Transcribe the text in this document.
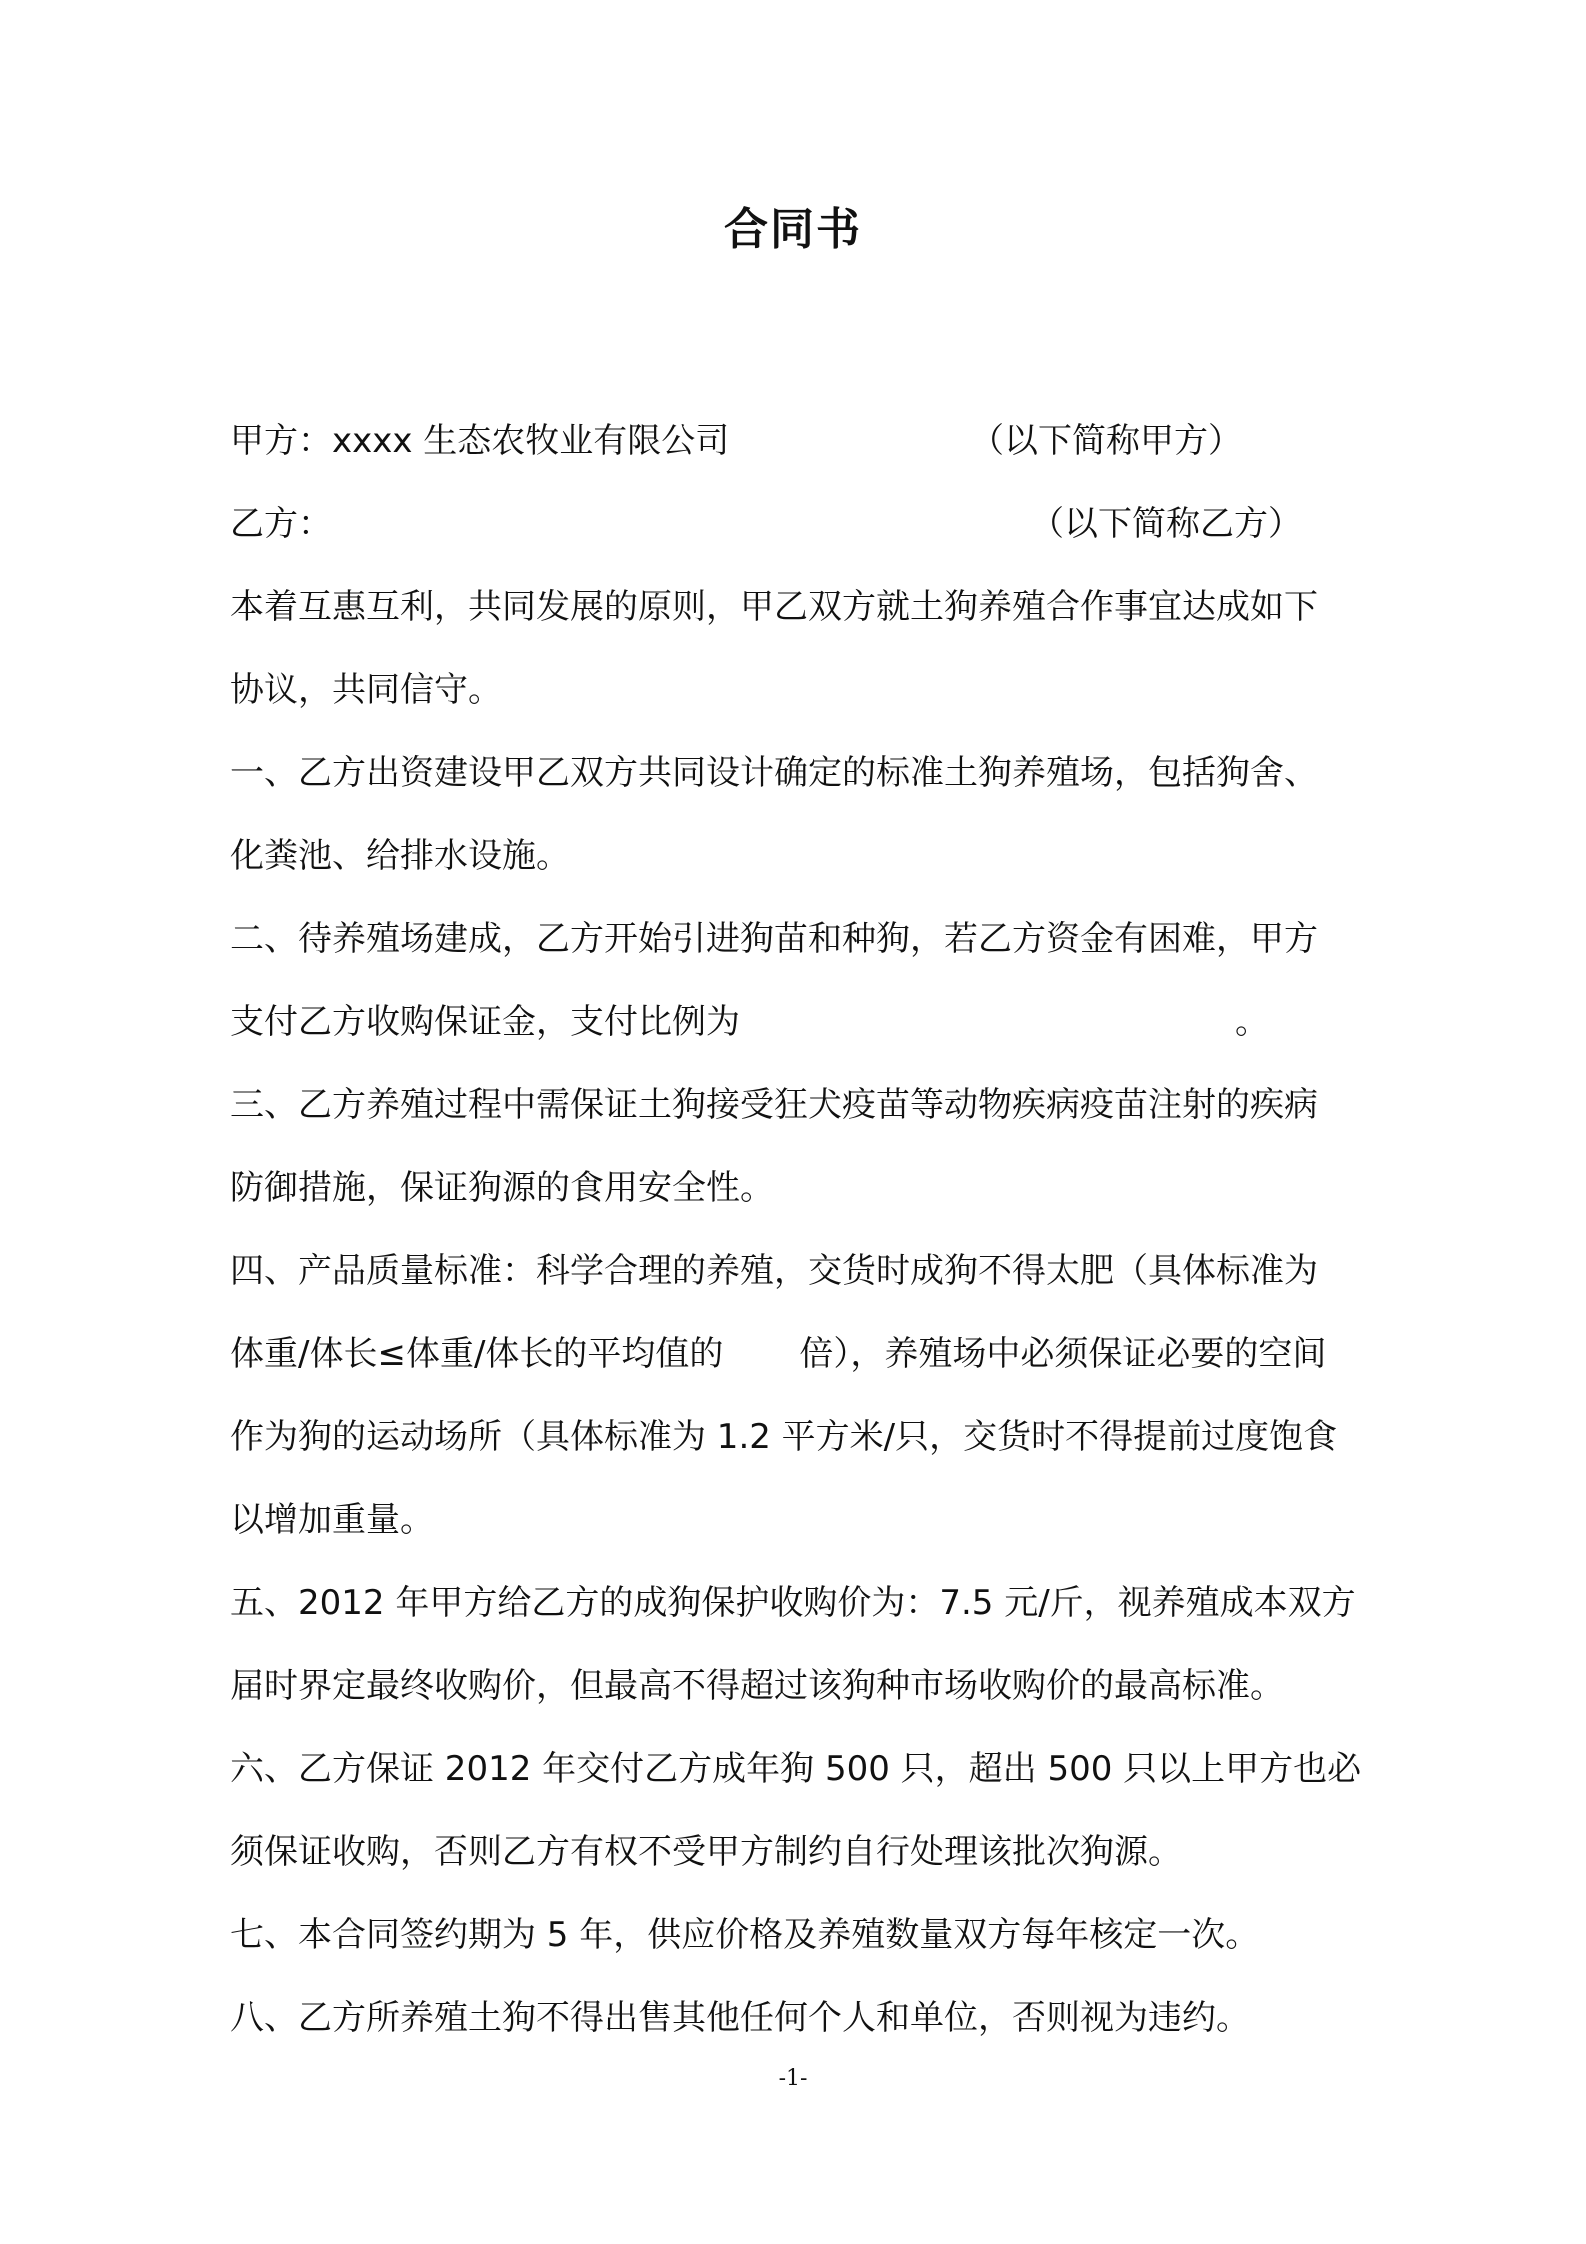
合同书
甲方：xxxx 生态农牧业有限公司	（以下简称甲方）
乙方：	（以下简称乙方）
本着互惠互利，共同发展的原则，甲乙双方就土狗养殖合作事宜达成如下
协议，共同信守。
一、乙方出资建设甲乙双方共同设计确定的标准土狗养殖场，包括狗舍、
化粪池、给排水设施。
二、待养殖场建成，乙方开始引进狗苗和种狗，若乙方资金有困难，甲方
支付乙方收购保证金，支付比例为	。
三、乙方养殖过程中需保证土狗接受狂犬疫苗等动物疾病疫苗注射的疾病
防御措施，保证狗源的食用安全性。
四、产品质量标准：科学合理的养殖，交货时成狗不得太肥（具体标准为
体重/体长≤体重/体长的平均值的 倍），养殖场中必须保证必要的空间
作为狗的运动场所（具体标准为 1.2 平方米/只，交货时不得提前过度饱食
以增加重量。
五、2012 年甲方给乙方的成狗保护收购价为：7.5 元/斤，视养殖成本双方
届时界定最终收购价，但最高不得超过该狗种市场收购价的最高标准。
六、乙方保证 2012 年交付乙方成年狗 500 只，超出 500 只以上甲方也必
须保证收购，否则乙方有权不受甲方制约自行处理该批次狗源。
七、本合同签约期为 5 年，供应价格及养殖数量双方每年核定一次。
八、乙方所养殖土狗不得出售其他任何个人和单位，否则视为违约。
-1-
